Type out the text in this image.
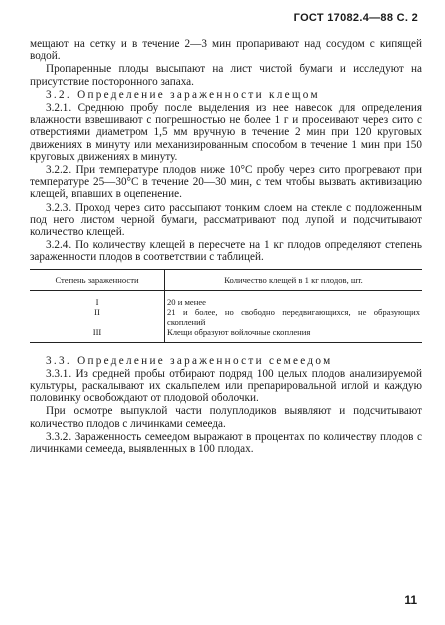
ГОСТ 17082.4—88 С. 2

мещают на сетку и в течение 2—3 мин пропаривают над сосудом с кипящей водой.

Пропаренные плоды высыпают на лист чистой бумаги и исследуют на присутствие посторонного запаха.

3.2. Определение зараженности клещом

3.2.1. Среднюю пробу после выделения из нее навесок для определения влажности взвешивают с погрешностью не более 1 г и просеивают через сито с отверстиями диаметром 1,5 мм вручную в течение 2 мин при 120 круговых движениях в минуту или механизированным способом в течение 1 мин при 150 круговых движениях в минуту.

3.2.2. При температуре плодов ниже 10°С пробу через сито прогревают при температуре 25—30°С в течение 20—30 мин, с тем чтобы вызвать активизацию клещей, впавших в оцепенение.

3.2.3. Проход через сито рассыпают тонким слоем на стекле с подложенным под него листом черной бумаги, рассматривают под лупой и подсчитывают количество клещей.

3.2.4. По количеству клещей в пересчете на 1 кг плодов определяют степень зараженности плодов в соответствии с таблицей.

Степень зараженности	Количество клещей в 1 кг плодов, шт.
I	20 и менее
II	21 и более, но свободно передвигающихся, не образующих скоплений
III	Клещи образуют войлочные скопления

3.3. Определение зараженности семеедом

3.3.1. Из средней пробы отбирают подряд 100 целых плодов анализируемой культуры, раскалывают их скальпелем или препарировальной иглой и каждую половинку освобождают от плодовой оболочки.

При осмотре выпуклой части полуплодиков выявляют и подсчитывают количество плодов с личинками семееда.

3.3.2. Зараженность семеедом выражают в процентах по количеству плодов с личинками семееда, выявленных в 100 плодах.

11
